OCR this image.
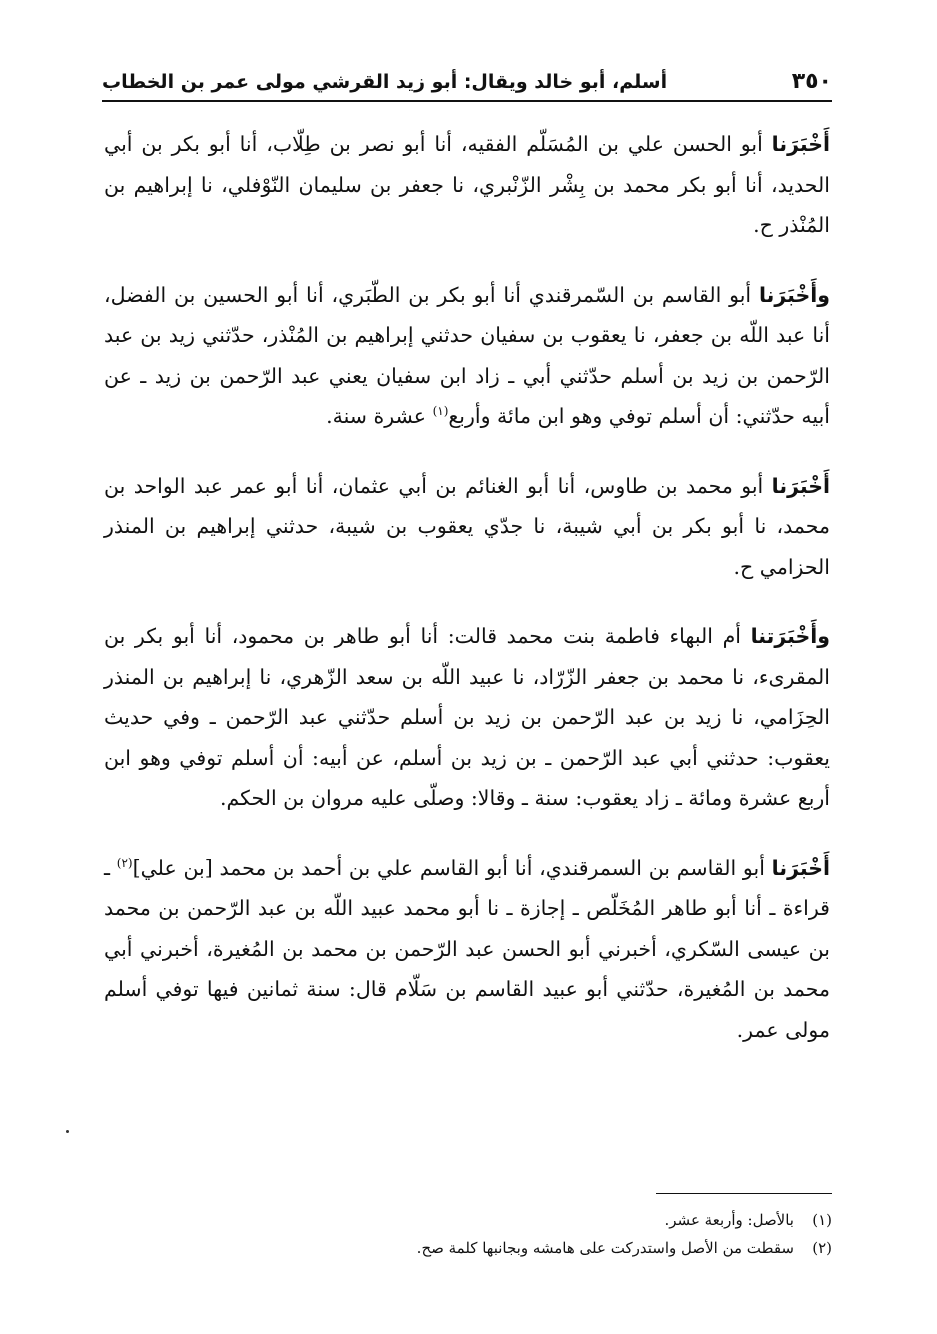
٣٥٠
أسلم، أبو خالد ويقال: أبو زيد القرشي مولى عمر بن الخطاب

أَخْبَرَنا أبو الحسن علي بن المُسَلّم الفقيه، أنا أبو نصر بن طِلّاب، أنا أبو بكر بن أبي الحديد، أنا أبو بكر محمد بن بِشْر الزّنْبري، نا جعفر بن سليمان النّوْفلي، نا إبراهيم بن المُنْذر ح.

وأَخْبَرَنا أبو القاسم بن السّمرقندي أنا أبو بكر بن الطّبَري، أنا أبو الحسين بن الفضل، أنا عبد اللّه بن جعفر، نا يعقوب بن سفيان حدثني إبراهيم بن المُنْذر، حدّثني زيد بن عبد الرّحمن بن زيد بن أسلم حدّثني أبي ـ زاد ابن سفيان يعني عبد الرّحمن بن زيد ـ عن أبيه حدّثني: أن أسلم توفي وهو ابن مائة وأربع$^{(١)}$ عشرة سنة.

أَخْبَرَنا أبو محمد بن طاوس، أنا أبو الغنائم بن أبي عثمان، أنا أبو عمر عبد الواحد بن محمد، نا أبو بكر بن أبي شيبة، نا جدّي يعقوب بن شيبة، حدثني إبراهيم بن المنذر الحزامي ح.

وأَخْبَرَتنا أم البهاء فاطمة بنت محمد قالت: أنا أبو طاهر بن محمود، أنا أبو بكر بن المقرىء، نا محمد بن جعفر الزّرّاد، نا عبيد اللّه بن سعد الزّهري، نا إبراهيم بن المنذر الحِزَامي، نا زيد بن عبد الرّحمن بن زيد بن أسلم حدّثني عبد الرّحمن ـ وفي حديث يعقوب: حدثني أبي عبد الرّحمن ـ بن زيد بن أسلم، عن أبيه: أن أسلم توفي وهو ابن أربع عشرة ومائة ـ زاد يعقوب: سنة ـ وقالا: وصلّى عليه مروان بن الحكم.

أَخْبَرَنا أبو القاسم بن السمرقندي، أنا أبو القاسم علي بن أحمد بن محمد [بن علي]$^{(٢)}$ ـ قراءة ـ أنا أبو طاهر المُخَلّص ـ إجازة ـ نا أبو محمد عبيد اللّه بن عبد الرّحمن بن محمد بن عيسى السّكري، أخبرني أبو الحسن عبد الرّحمن بن محمد بن المُغيرة، أخبرني أبي محمد بن المُغيرة، حدّثني أبو عبيد القاسم بن سَلّام قال: سنة ثمانين فيها توفي أسلم مولى عمر.

(١)
بالأصل: وأربعة عشر.
(٢)
سقطت من الأصل واستدركت على هامشه وبجانبها كلمة صح.
